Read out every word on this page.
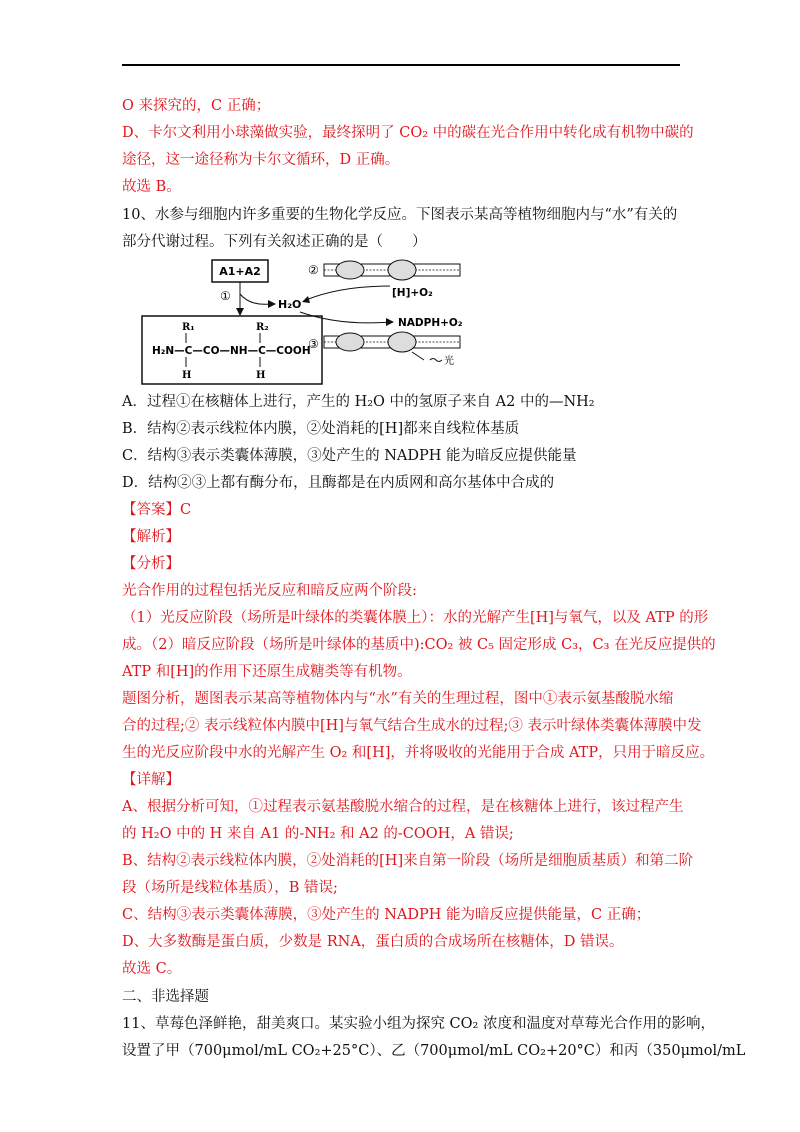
O 来探究的，C 正确；
D、卡尔文利用小球藻做实验，最终探明了 CO₂ 中的碳在光合作用中转化成有机物中碳的
途径，这一途径称为卡尔文循环，D 正确。
故选 B。
10、水参与细胞内许多重要的生物化学反应。下图表示某高等植物细胞内与“水”有关的
部分代谢过程。下列有关叙述正确的是（　　）
A．过程①在核糖体上进行，产生的 H₂O 中的氢原子来自 A2 中的—NH₂
B．结构②表示线粒体内膜，②处消耗的[H]都来自线粒体基质
C．结构③表示类囊体薄膜，③处产生的 NADPH 能为暗反应提供能量
D．结构②③上都有酶分布，且酶都是在内质网和高尔基体中合成的
【答案】C
【解析】
【分析】
光合作用的过程包括光反应和暗反应两个阶段:
（1）光反应阶段（场所是叶绿体的类囊体膜上）：水的光解产生[H]与氧气，以及 ATP 的形
成。（2）暗反应阶段（场所是叶绿体的基质中):CO₂ 被 C₅ 固定形成 C₃，C₃ 在光反应提供的
ATP 和[H]的作用下还原生成糖类等有机物。
题图分析，题图表示某高等植物体内与“水”有关的生理过程，图中①表示氨基酸脱水缩
合的过程;② 表示线粒体内膜中[H]与氧气结合生成水的过程;③ 表示叶绿体类囊体薄膜中发
生的光反应阶段中水的光解产生 O₂ 和[H]，并将吸收的光能用于合成 ATP，只用于暗反应。
【详解】
A、根据分析可知，①过程表示氨基酸脱水缩合的过程，是在核糖体上进行，该过程产生
的 H₂O 中的 H 来自 A1 的-NH₂ 和 A2 的-COOH，A 错误;
B、结构②表示线粒体内膜，②处消耗的[H]来自第一阶段（场所是细胞质基质）和第二阶
段（场所是线粒体基质），B 错误;
C、结构③表示类囊体薄膜，③处产生的 NADPH 能为暗反应提供能量，C 正确；
D、大多数酶是蛋白质，少数是 RNA，蛋白质的合成场所在核糖体，D 错误。
故选 C。
二、非选择题
11、草莓色泽鲜艳，甜美爽口。某实验小组为探究 CO₂ 浓度和温度对草莓光合作用的影响，
设置了甲（700μmol/mL CO₂+25°C）、乙（700μmol/mL CO₂+20°C）和丙（350μmol/mL
A1+A2
①
H₂O
R₁	R₂
H₂N—C—CO—NH—C—COOH
H	H
②
[H]+O₂
NADPH+O₂
③
光
